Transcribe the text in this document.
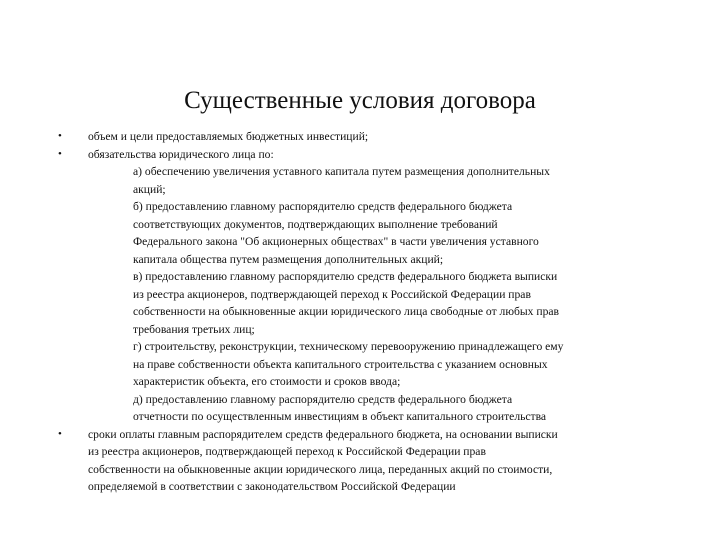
Существенные условия договора
•	объем и цели предоставляемых бюджетных инвестиций;
•	обязательства юридического лица по:
а) обеспечению увеличения уставного капитала путем размещения дополнительных
акций;
б) предоставлению главному распорядителю средств федерального бюджета
соответствующих документов, подтверждающих выполнение требований
Федерального закона "Об акционерных обществах" в части увеличения уставного
капитала общества путем размещения дополнительных акций;
в) предоставлению главному распорядителю средств федерального бюджета выписки
из реестра акционеров, подтверждающей переход к Российской Федерации прав
собственности на обыкновенные акции юридического лица свободные от любых прав
требования третьих лиц;
г) строительству, реконструкции, техническому перевооружению принадлежащего ему
на праве собственности объекта капитального строительства с указанием основных
характеристик объекта, его стоимости и сроков ввода;
д) предоставлению главному распорядителю средств федерального бюджета
отчетности по осуществленным инвестициям в объект капитального строительства
•	сроки оплаты главным распорядителем средств федерального бюджета, на основании выписки
из реестра акционеров, подтверждающей переход к Российской Федерации прав
собственности на обыкновенные акции юридического лица, переданных акций по стоимости,
определяемой в соответствии с законодательством Российской Федерации
